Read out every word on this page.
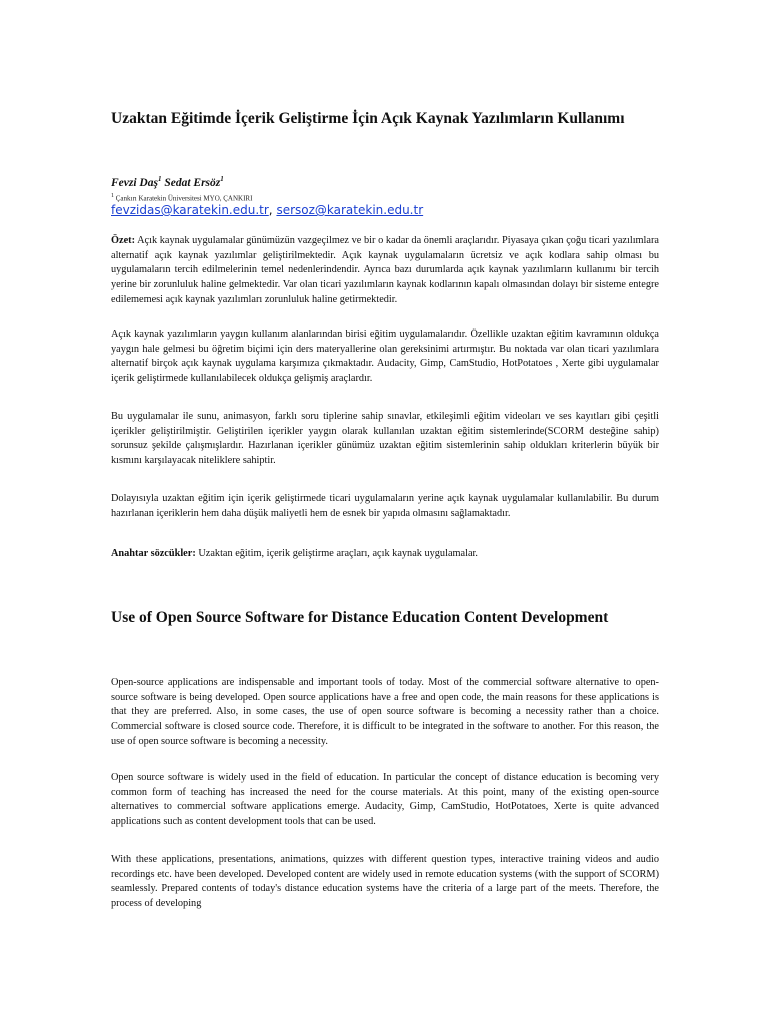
Uzaktan Eğitimde İçerik Geliştirme İçin Açık Kaynak Yazılımların Kullanımı
Fevzi Daş$^1$ Sedat Ersöz$^1$
$^1$ Çankırı Karatekin Üniversitesi MYO, ÇANKIRI
fevzidas@karatekin.edu.tr, sersoz@karatekin.edu.tr

Özet: Açık kaynak uygulamalar günümüzün vazgeçilmez ve bir o kadar da önemli araçlarıdır. Piyasaya çıkan çoğu ticari yazılımlara alternatif açık kaynak yazılımlar geliştirilmektedir. Açık kaynak uygulamaların ücretsiz ve açık kodlara sahip olması bu uygulamaların tercih edilmelerinin temel nedenlerindendir. Ayrıca bazı durumlarda açık kaynak yazılımların kullanımı bir tercih yerine bir zorunluluk haline gelmektedir. Var olan ticari yazılımların kaynak kodlarının kapalı olmasından dolayı bir sisteme entegre edilememesi açık kaynak yazılımları zorunluluk haline getirmektedir.

Açık kaynak yazılımların yaygın kullanım alanlarından birisi eğitim uygulamalarıdır. Özellikle uzaktan eğitim kavramının oldukça yaygın hale gelmesi bu öğretim biçimi için ders materyallerine olan gereksinimi artırmıştır. Bu noktada var olan ticari yazılımlara alternatif birçok açık kaynak uygulama karşımıza çıkmaktadır. Audacity, Gimp, CamStudio, HotPotatoes , Xerte gibi uygulamalar içerik geliştirmede kullanılabilecek oldukça gelişmiş araçlardır.

Bu uygulamalar ile sunu, animasyon, farklı soru tiplerine sahip sınavlar, etkileşimli eğitim videoları ve ses kayıtları gibi çeşitli içerikler geliştirilmiştir. Geliştirilen içerikler yaygın olarak kullanılan uzaktan eğitim sistemlerinde(SCORM desteğine sahip) sorunsuz şekilde çalışmışlardır. Hazırlanan içerikler günümüz uzaktan eğitim sistemlerinin sahip oldukları kriterlerin büyük bir kısmını karşılayacak niteliklere sahiptir.

Dolayısıyla uzaktan eğitim için içerik geliştirmede ticari uygulamaların yerine açık kaynak uygulamalar kullanılabilir. Bu durum hazırlanan içeriklerin hem daha düşük maliyetli hem de esnek bir yapıda olmasını sağlamaktadır.

Anahtar sözcükler: Uzaktan eğitim, içerik geliştirme araçları, açık kaynak uygulamalar.

Use of Open Source Software for Distance Education Content Development

Open-source applications are indispensable and important tools of today. Most of the commercial software alternative to open-source software is being developed. Open source applications have a free and open code, the main reasons for these applications is that they are preferred. Also, in some cases, the use of open source software is becoming a necessity rather than a choice. Commercial software is closed source code. Therefore, it is difficult to be integrated in the software to another. For this reason, the use of open source software is becoming a necessity.

Open source software is widely used in the field of education. In particular the concept of distance education is becoming very common form of teaching has increased the need for the course materials. At this point, many of the existing open-source alternatives to commercial software applications emerge. Audacity, Gimp, CamStudio, HotPotatoes, Xerte is quite advanced applications such as content development tools that can be used.

With these applications, presentations, animations, quizzes with different question types, interactive training videos and audio recordings etc. have been developed. Developed content are widely used in remote education systems (with the support of SCORM) seamlessly. Prepared contents of today's distance education systems have the criteria of a large part of the meets. Therefore, the process of developing
